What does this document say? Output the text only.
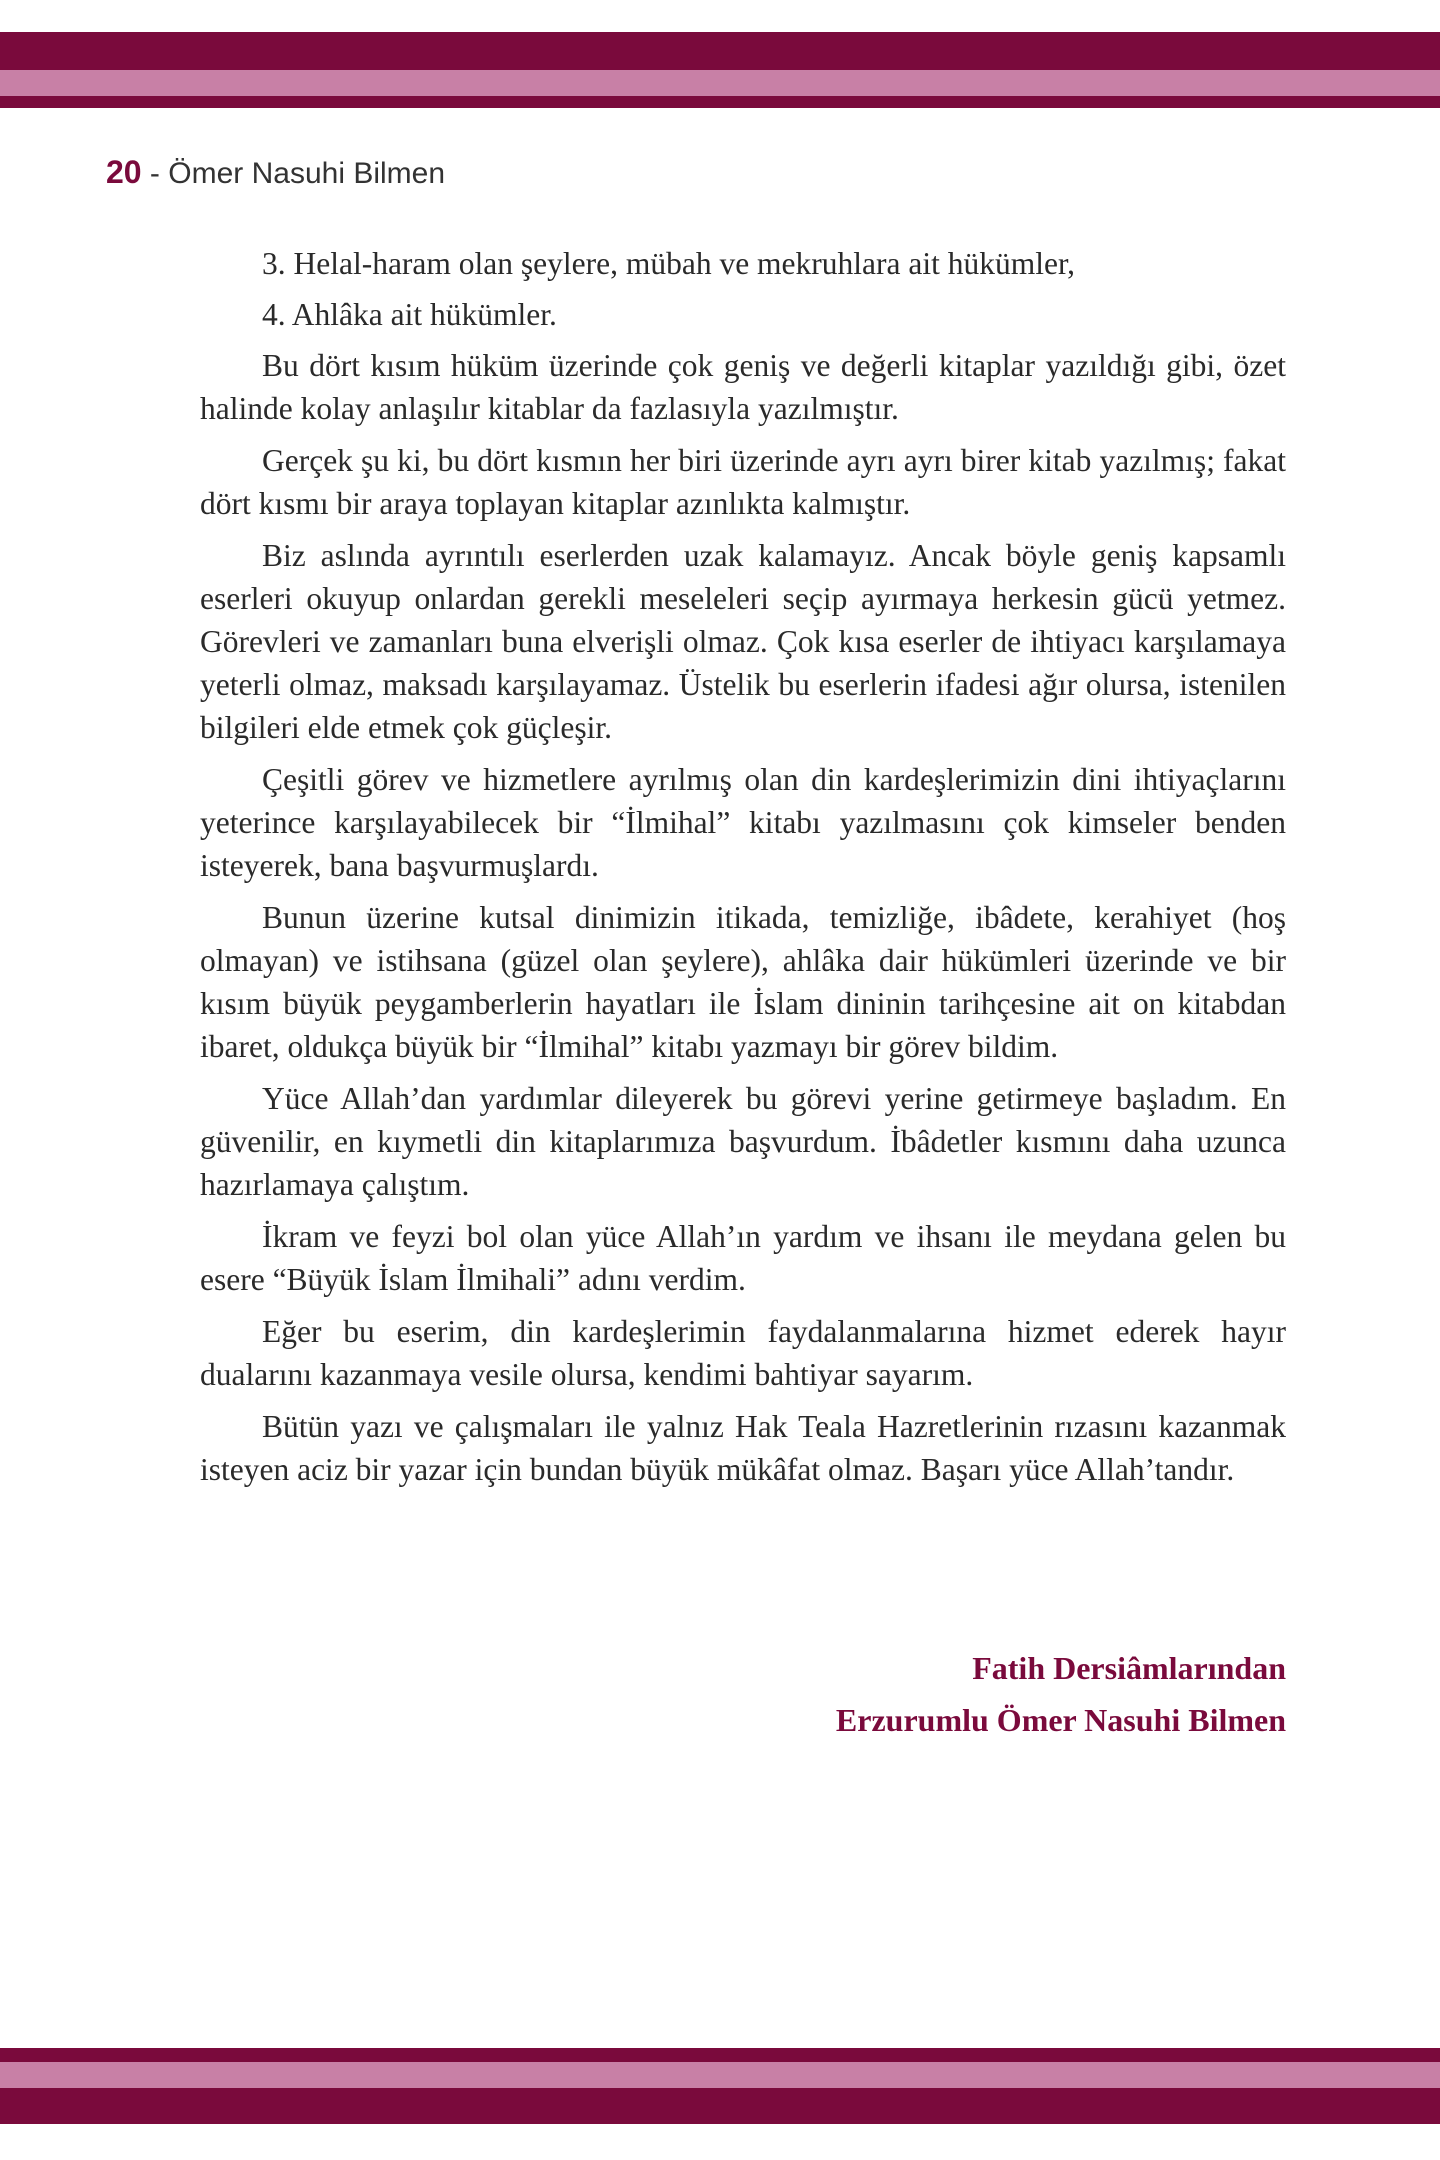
20 - Ömer Nasuhi Bilmen

3. Helal-haram olan şeylere, mübah ve mekruhlara ait hükümler,

4. Ahlâka ait hükümler.

Bu dört kısım hüküm üzerinde çok geniş ve değerli kitaplar yazıldığı gibi, özet halinde kolay anlaşılır kitablar da fazlasıyla yazılmıştır.

Gerçek şu ki, bu dört kısmın her biri üzerinde ayrı ayrı birer kitab yazılmış; fakat dört kısmı bir araya toplayan kitaplar azınlıkta kalmıştır.

Biz aslında ayrıntılı eserlerden uzak kalamayız. Ancak böyle geniş kapsamlı eserleri okuyup onlardan gerekli meseleleri seçip ayırmaya herkesin gücü yetmez. Görevleri ve zamanları buna elverişli olmaz. Çok kısa eserler de ihtiyacı karşılamaya yeterli olmaz, maksadı karşılayamaz. Üstelik bu eserlerin ifadesi ağır olursa, istenilen bilgileri elde etmek çok güçleşir.

Çeşitli görev ve hizmetlere ayrılmış olan din kardeşlerimizin dini ihtiyaçlarını yeterince karşılayabilecek bir “İlmihal” kitabı yazılmasını çok kimseler benden isteyerek, bana başvurmuşlardı.

Bunun üzerine kutsal dinimizin itikada, temizliğe, ibâdete, kerahiyet (hoş olmayan) ve istihsana (güzel olan şeylere), ahlâka dair hükümleri üzerinde ve bir kısım büyük peygamberlerin hayatları ile İslam dininin tarihçesine ait on kitabdan ibaret, oldukça büyük bir “İlmihal” kitabı yazmayı bir görev bildim.

Yüce Allah’dan yardımlar dileyerek bu görevi yerine getirmeye başladım. En güvenilir, en kıymetli din kitaplarımıza başvurdum. İbâdetler kısmını daha uzunca hazırlamaya çalıştım.

İkram ve feyzi bol olan yüce Allah’ın yardım ve ihsanı ile meydana gelen bu esere “Büyük İslam İlmihali” adını verdim.

Eğer bu eserim, din kardeşlerimin faydalanmalarına hizmet ederek hayır dualarını kazanmaya vesile olursa, kendimi bahtiyar sayarım.

Bütün yazı ve çalışmaları ile yalnız Hak Teala Hazretlerinin rızasını kazanmak isteyen aciz bir yazar için bundan büyük mükâfat olmaz. Başarı yüce Allah’tandır.

Fatih Dersiâmlarından
Erzurumlu Ömer Nasuhi Bilmen
